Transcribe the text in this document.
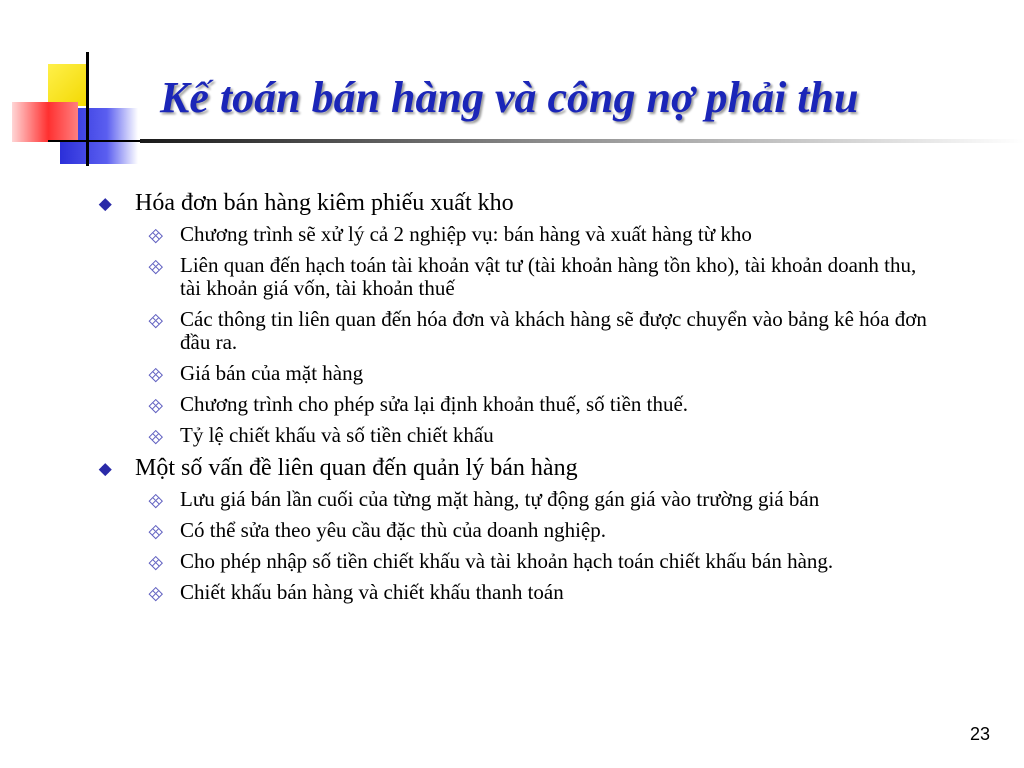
Kế toán bán hàng và công nợ phải thu
Hóa đơn bán hàng kiêm phiếu xuất kho
Chương trình sẽ xử lý cả 2 nghiệp vụ: bán hàng và xuất hàng từ kho
Liên quan đến hạch toán tài khoản vật tư (tài khoản hàng tồn kho), tài khoản doanh thu, tài khoản giá vốn, tài khoản thuế
Các thông tin liên quan đến hóa đơn và khách hàng sẽ được chuyển vào bảng kê hóa đơn đầu ra.
Giá bán của mặt hàng
Chương trình cho phép sửa lại định khoản thuế, số tiền thuế.
Tỷ lệ chiết khấu và số tiền chiết khấu
Một số vấn đề liên quan đến quản lý bán hàng
Lưu giá bán lần cuối của từng mặt hàng, tự động gán giá vào trường giá bán
Có thể sửa theo yêu cầu đặc thù của doanh nghiệp.
Cho phép nhập số tiền chiết khấu và tài khoản hạch toán chiết khấu bán hàng.
Chiết khấu bán hàng và chiết khấu thanh toán
23
